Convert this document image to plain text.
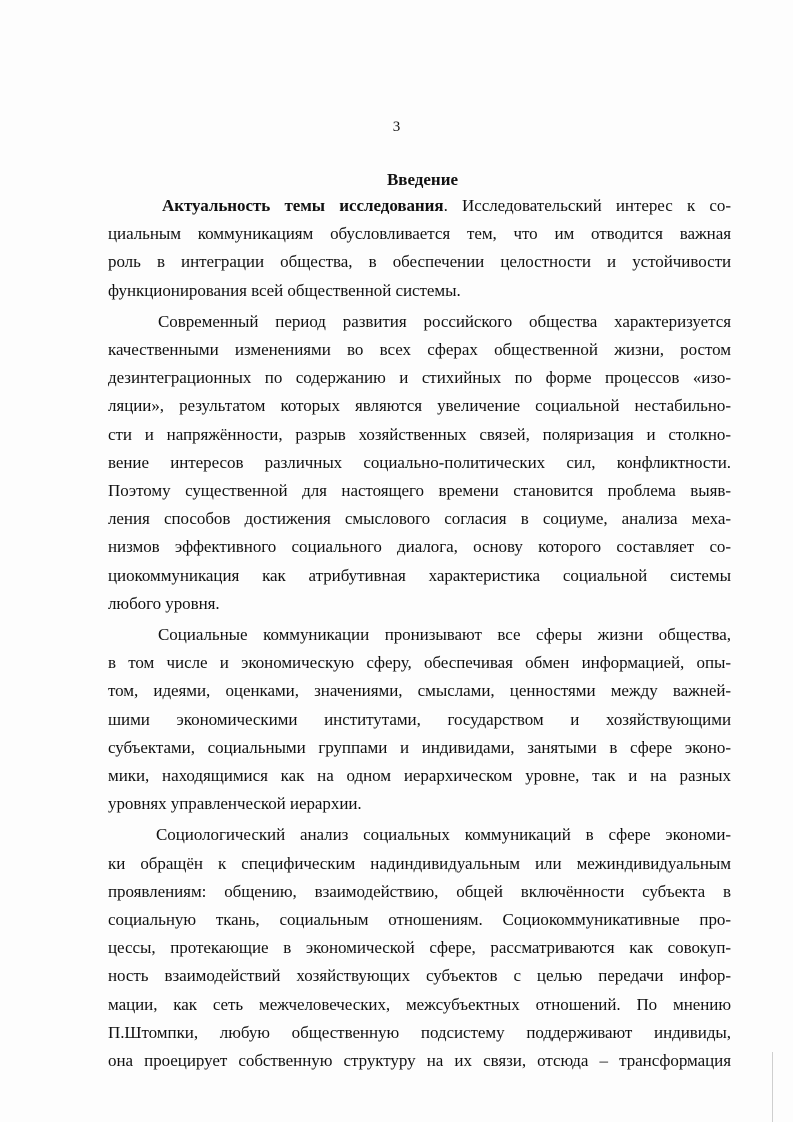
3
Введение

Актуальность темы исследования. Исследовательский интерес к со-
циальным коммуникациям обусловливается тем, что им отводится важная
роль в интеграции общества, в обеспечении целостности и устойчивости
функционирования всей общественной системы.

Современный период развития российского общества характеризуется
качественными изменениями во всех сферах общественной жизни, ростом
дезинтеграционных по содержанию и стихийных по форме процессов «изо-
ляции», результатом которых являются увеличение социальной нестабильно-
сти и напряжённости, разрыв хозяйственных связей, поляризация и столкно-
вение интересов различных социально-политических сил, конфликтности.
Поэтому существенной для настоящего времени становится проблема выяв-
ления способов достижения смыслового согласия в социуме, анализа меха-
низмов эффективного социального диалога, основу которого составляет со-
циокоммуникация как атрибутивная характеристика социальной системы
любого уровня.

Социальные коммуникации пронизывают все сферы жизни общества,
в том числе и экономическую сферу, обеспечивая обмен информацией, опы-
том, идеями, оценками, значениями, смыслами, ценностями между важней-
шими экономическими институтами, государством и хозяйствующими
субъектами, социальными группами и индивидами, занятыми в сфере эконо-
мики, находящимися как на одном иерархическом уровне, так и на разных
уровнях управленческой иерархии.

Социологический анализ социальных коммуникаций в сфере экономи-
ки обращён к специфическим надиндивидуальным или межиндивидуальным
проявлениям: общению, взаимодействию, общей включённости субъекта в
социальную ткань, социальным отношениям. Социокоммуникативные про-
цессы, протекающие в экономической сфере, рассматриваются как совокуп-
ность взаимодействий хозяйствующих субъектов с целью передачи инфор-
мации, как сеть межчеловеческих, межсубъектных отношений. По мнению
П.Штомпки, любую общественную подсистему поддерживают индивиды,
она проецирует собственную структуру на их связи, отсюда – трансформация
